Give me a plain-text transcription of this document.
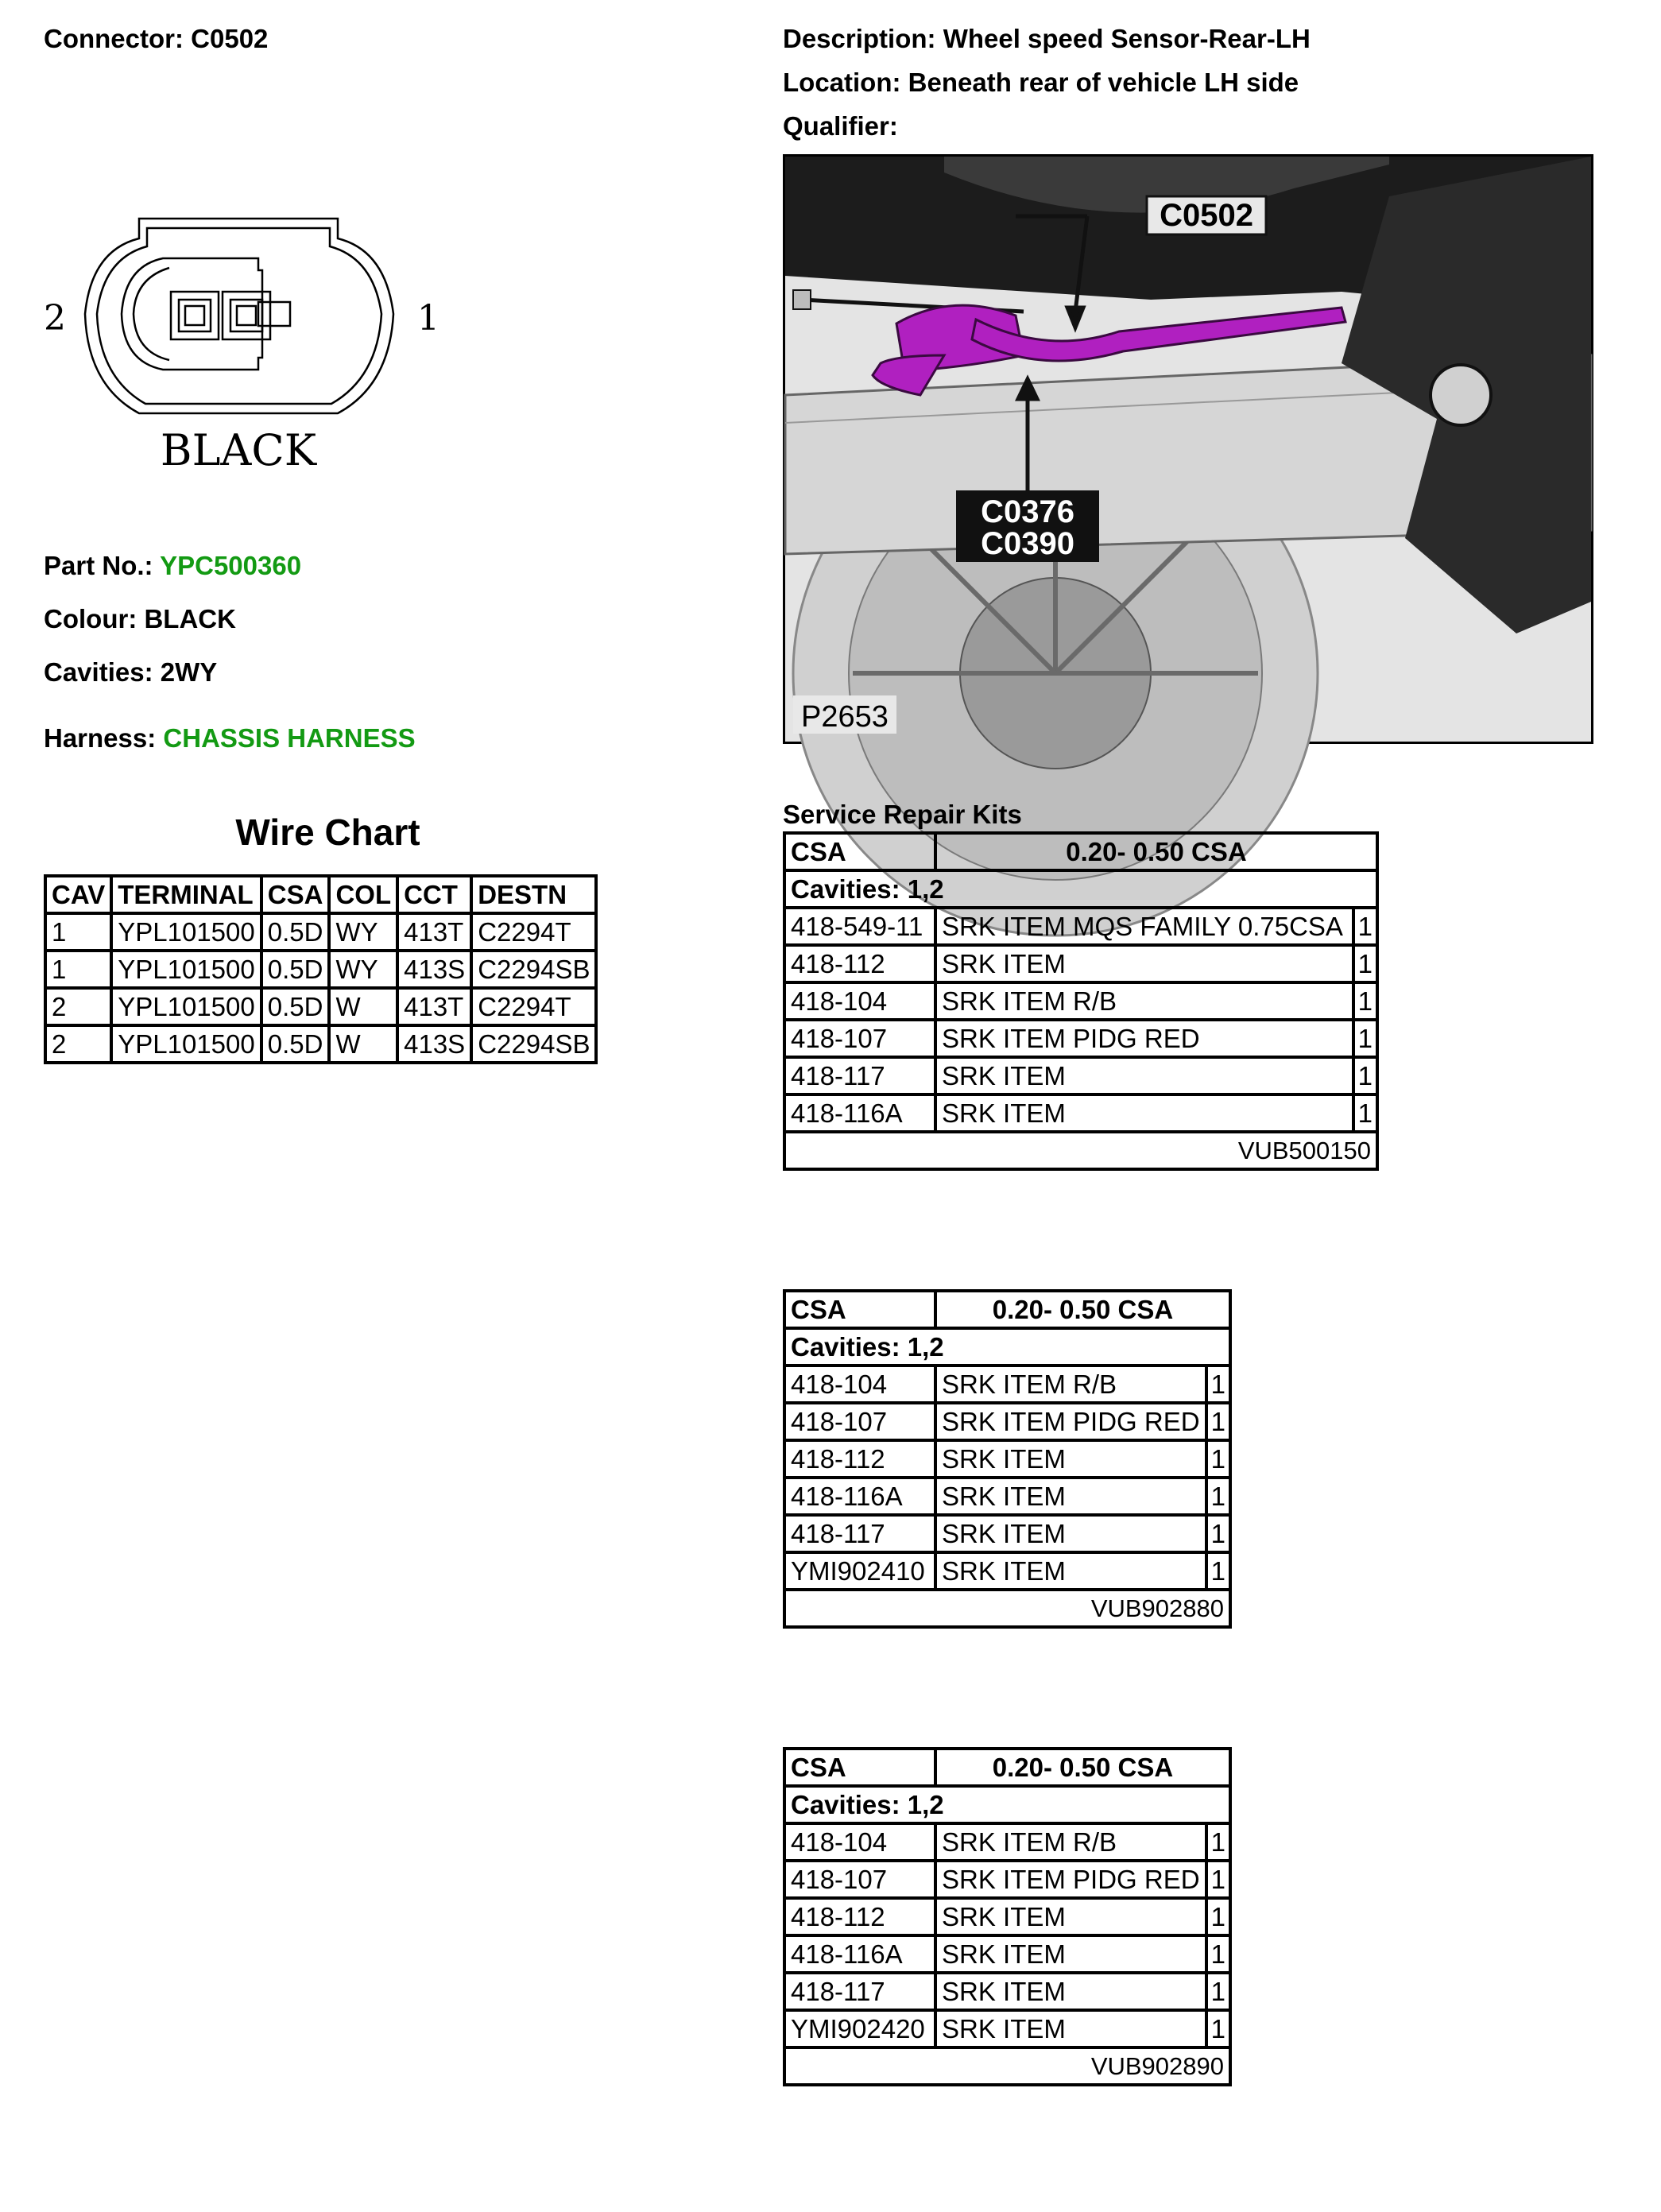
Connector: C0502	Description: Wheel speed Sensor-Rear-LH
Location: Beneath rear of vehicle LH side
Qualifier:
2	1
BLACK
Part No.: YPC500360
Colour: BLACK
Cavities: 2WY
Harness: CHASSIS HARNESS
C0502
C0376
C0390
P2653
Wire Chart
CAV	TERMINAL	CSA	COL	CCT	DESTN
1	YPL101500	0.5D	WY	413T	C2294T
1	YPL101500	0.5D	WY	413S	C2294SB
2	YPL101500	0.5D	W	413T	C2294T
2	YPL101500	0.5D	W	413S	C2294SB
Service Repair Kits
CSA	0.20- 0.50 CSA	
Cavities: 1,2		
418-549-11	SRK ITEM MQS FAMILY 0.75CSA	1
418-112	SRK ITEM	1
418-104	SRK ITEM R/B	1
418-107	SRK ITEM PIDG RED	1
418-117	SRK ITEM	1
418-116A	SRK ITEM	1
VUB500150		
CSA	0.20- 0.50 CSA	
Cavities: 1,2		
418-104	SRK ITEM R/B	1
418-107	SRK ITEM PIDG RED	1
418-112	SRK ITEM	1
418-116A	SRK ITEM	1
418-117	SRK ITEM	1
YMI902410	SRK ITEM	1
VUB902880		
CSA	0.20- 0.50 CSA	
Cavities: 1,2		
418-104	SRK ITEM R/B	1
418-107	SRK ITEM PIDG RED	1
418-112	SRK ITEM	1
418-116A	SRK ITEM	1
418-117	SRK ITEM	1
YMI902420	SRK ITEM	1
VUB902890		
